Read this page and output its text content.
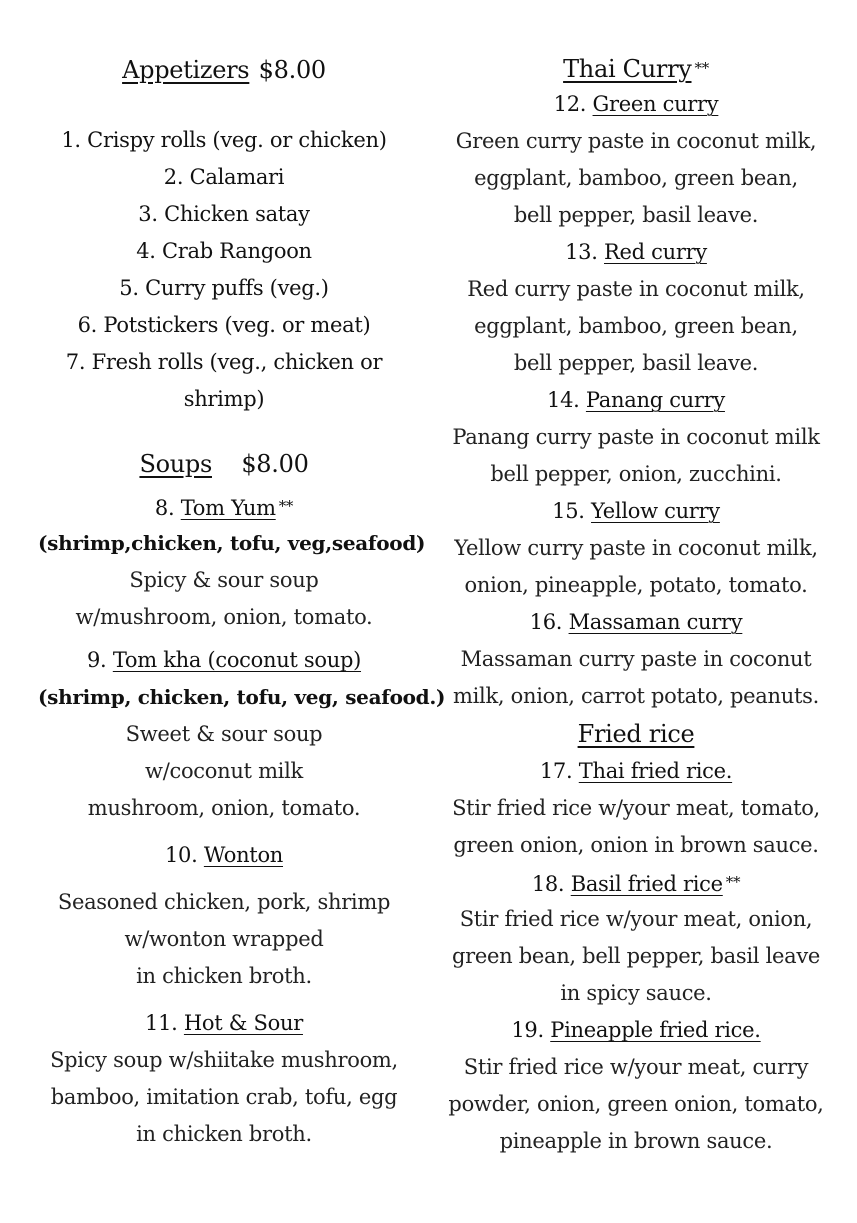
Appetizers $8.00
1. Crispy rolls (veg. or chicken)
2. Calamari
3. Chicken satay
4. Crab Rangoon
5. Curry puffs (veg.)
6. Potstickers (veg. or meat)
7. Fresh rolls (veg., chicken or
shrimp)
Soups $8.00
8. Tom Yum **
(shrimp,chicken, tofu, veg,seafood)
Spicy & sour soup
w/mushroom, onion, tomato.
9. Tom kha (coconut soup)
(shrimp, chicken, tofu, veg, seafood.)
Sweet & sour soup
w/coconut milk
mushroom, onion, tomato.
10. Wonton
Seasoned chicken, pork, shrimp
w/wonton wrapped
in chicken broth.
11. Hot & Sour
Spicy soup w/shiitake mushroom,
bamboo, imitation crab, tofu, egg
in chicken broth.
Thai Curry **
12. Green curry
Green curry paste in coconut milk,
eggplant, bamboo, green bean,
bell pepper, basil leave.
13. Red curry
Red curry paste in coconut milk,
eggplant, bamboo, green bean,
bell pepper, basil leave.
14. Panang curry
Panang curry paste in coconut milk
bell pepper, onion, zucchini.
15. Yellow curry
Yellow curry paste in coconut milk,
onion, pineapple, potato, tomato.
16. Massaman curry
Massaman curry paste in coconut
milk, onion, carrot potato, peanuts.
Fried rice
17. Thai fried rice.
Stir fried rice w/your meat, tomato,
green onion, onion in brown sauce.
18. Basil fried rice **
Stir fried rice w/your meat, onion,
green bean, bell pepper, basil leave
in spicy sauce.
19. Pineapple fried rice.
Stir fried rice w/your meat, curry
powder, onion, green onion, tomato,
pineapple in brown sauce.
